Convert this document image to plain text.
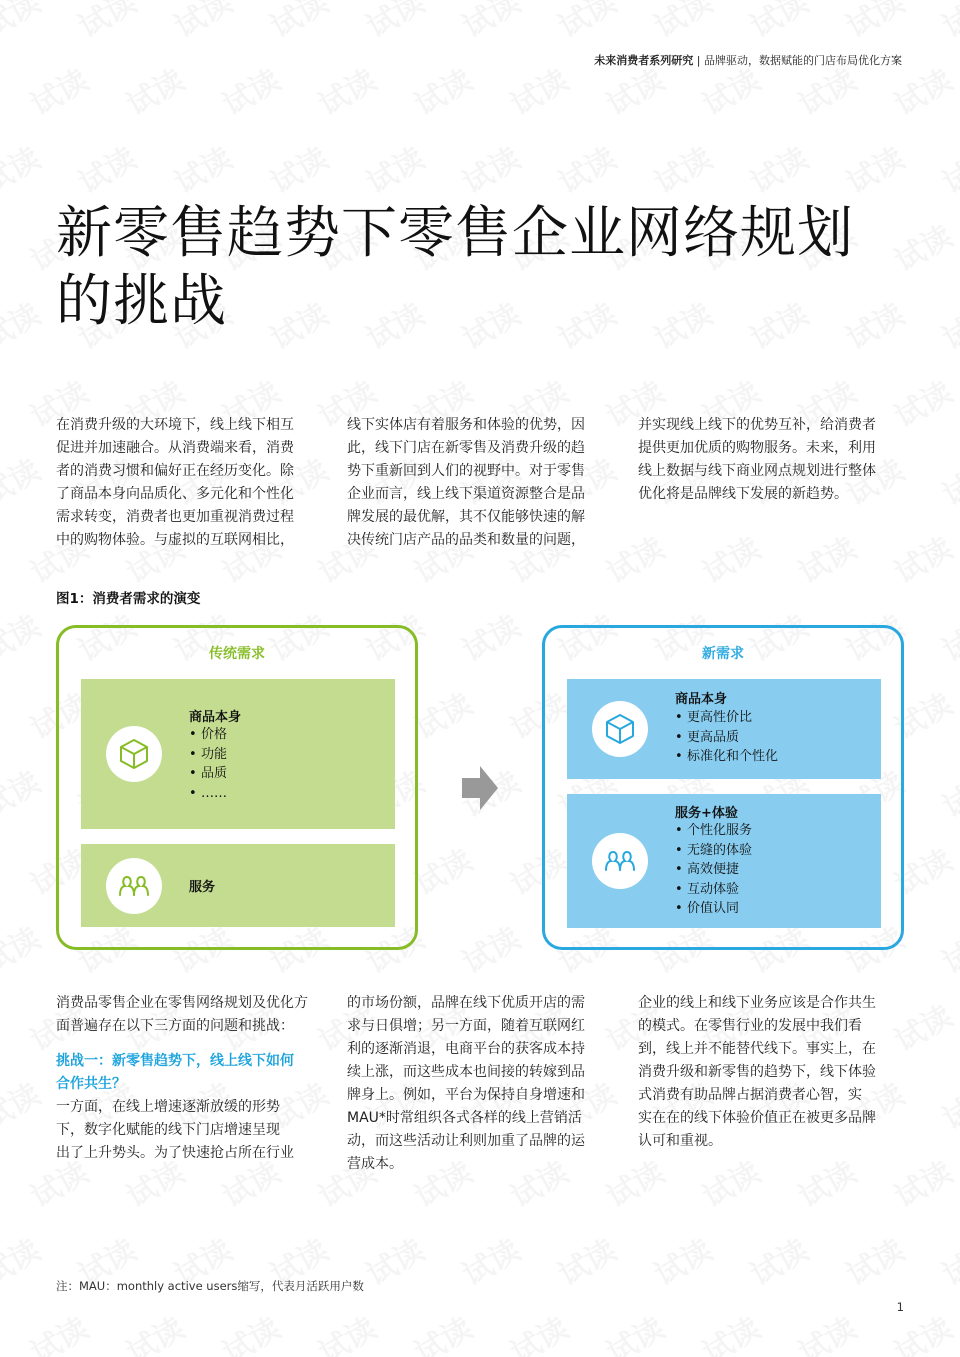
未来消费者系列研究 | 品牌驱动，数据赋能的门店布局优化方案
新零售趋势下零售企业网络规划
的挑战
在消费升级的大环境下，线上线下相互
促进并加速融合。从消费端来看，消费
者的消费习惯和偏好正在经历变化。除
了商品本身向品质化、多元化和个性化
需求转变，消费者也更加重视消费过程
中的购物体验。与虚拟的互联网相比，
线下实体店有着服务和体验的优势，因
此，线下门店在新零售及消费升级的趋
势下重新回到人们的视野中。对于零售
企业而言，线上线下渠道资源整合是品
牌发展的最优解，其不仅能够快速的解
决传统门店产品的品类和数量的问题，
并实现线上线下的优势互补，给消费者
提供更加优质的购物服务。未来，利用
线上数据与线下商业网点规划进行整体
优化将是品牌线下发展的新趋势。
图1：消费者需求的演变
传统需求
商品本身
• 价格
• 功能
• 品质
• ……
服务
新需求
商品本身
• 更高性价比
• 更高品质
• 标准化和个性化
服务+体验
• 个性化服务
• 无缝的体验
• 高效便捷
• 互动体验
• 价值认同
消费品零售企业在零售网络规划及优化方
面普遍存在以下三方面的问题和挑战：
挑战一：新零售趋势下，线上线下如何
合作共生？
一方面，在线上增速逐渐放缓的形势
下，数字化赋能的线下门店增速呈现
出了上升势头。为了快速抢占所在行业
的市场份额，品牌在线下优质开店的需
求与日俱增；另一方面，随着互联网红
利的逐渐消退，电商平台的获客成本持
续上涨，而这些成本也间接的转嫁到品
牌身上。例如，平台为保持自身增速和
MAU*时常组织各式各样的线上营销活
动，而这些活动让利则加重了品牌的运
营成本。
企业的线上和线下业务应该是合作共生
的模式。在零售行业的发展中我们看
到，线上并不能替代线下。事实上，在
消费升级和新零售的趋势下，线下体验
式消费有助品牌占据消费者心智，实
实在在的线下体验价值正在被更多品牌
认可和重视。
注：MAU：monthly active users缩写，代表月活跃用户数
1
